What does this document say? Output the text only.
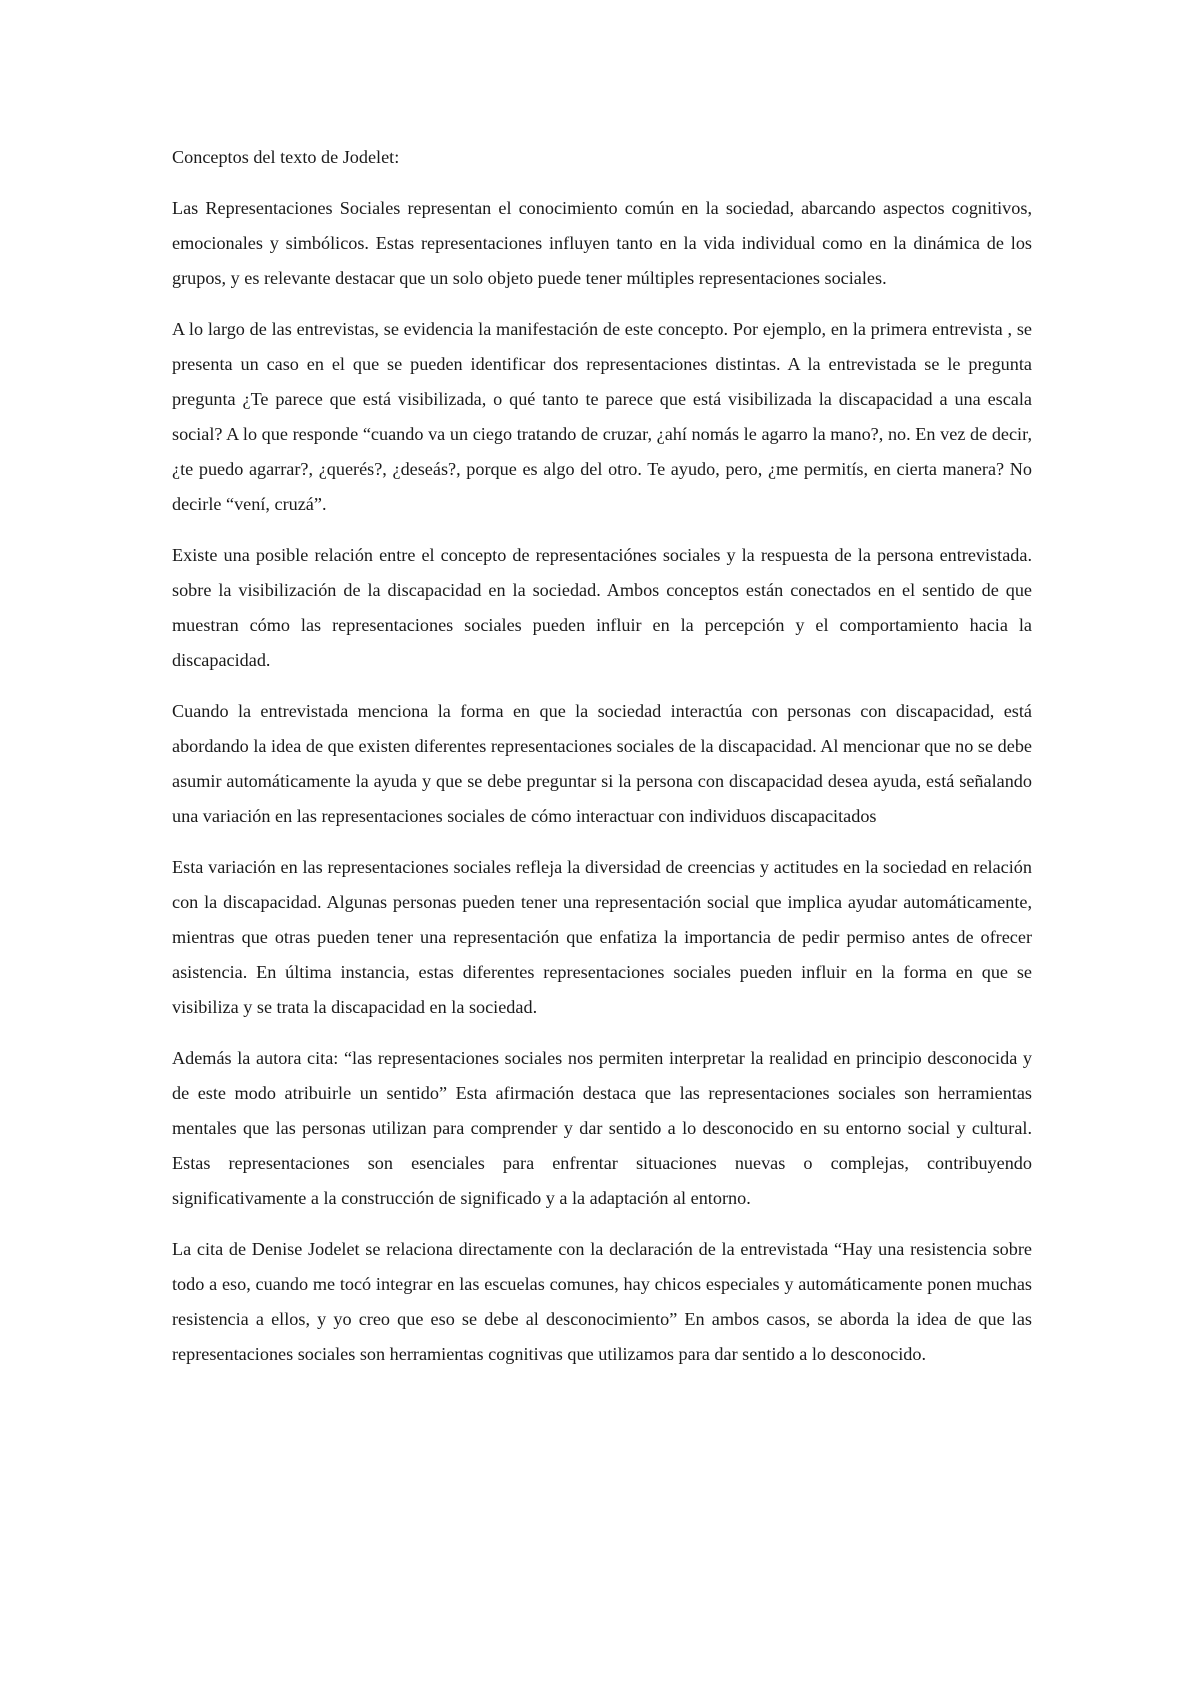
Conceptos del texto de Jodelet:

Las Representaciones Sociales representan el conocimiento común en la sociedad, abarcando aspectos cognitivos, emocionales y simbólicos. Estas representaciones influyen tanto en la vida individual como en la dinámica de los grupos, y es relevante destacar que un solo objeto puede tener múltiples representaciones sociales.

A lo largo de las entrevistas, se evidencia la manifestación de este concepto. Por ejemplo, en la primera entrevista , se presenta un caso en el que se pueden identificar dos representaciones distintas. A la entrevistada se le pregunta pregunta ¿Te parece que está visibilizada, o qué tanto te parece que está visibilizada la discapacidad a una escala social? A lo que responde “cuando va un ciego tratando de cruzar, ¿ahí nomás le agarro la mano?, no. En vez de decir, ¿te puedo agarrar?, ¿querés?, ¿deseás?, porque es algo del otro. Te ayudo, pero, ¿me permitís, en cierta manera? No decirle “vení, cruzá”.

Existe una posible relación entre el concepto de representaciónes sociales y la respuesta de la persona entrevistada. sobre la visibilización de la discapacidad en la sociedad. Ambos conceptos están conectados en el sentido de que muestran cómo las representaciones sociales pueden influir en la percepción y el comportamiento hacia la discapacidad.

Cuando la entrevistada menciona la forma en que la sociedad interactúa con personas con discapacidad, está abordando la idea de que existen diferentes representaciones sociales de la discapacidad. Al mencionar que no se debe asumir automáticamente la ayuda y que se debe preguntar si la persona con discapacidad desea ayuda, está señalando una variación en las representaciones sociales de cómo interactuar con individuos discapacitados

Esta variación en las representaciones sociales refleja la diversidad de creencias y actitudes en la sociedad en relación con la discapacidad. Algunas personas pueden tener una representación social que implica ayudar automáticamente, mientras que otras pueden tener una representación que enfatiza la importancia de pedir permiso antes de ofrecer asistencia. En última instancia, estas diferentes representaciones sociales pueden influir en la forma en que se visibiliza y se trata la discapacidad en la sociedad.

Además la autora cita: “las representaciones sociales nos permiten interpretar la realidad en principio desconocida y de este modo atribuirle un sentido” Esta afirmación destaca que las representaciones sociales son herramientas mentales que las personas utilizan para comprender y dar sentido a lo desconocido en su entorno social y cultural. Estas representaciones son esenciales para enfrentar situaciones nuevas o complejas, contribuyendo significativamente a la construcción de significado y a la adaptación al entorno.

La cita de Denise Jodelet se relaciona directamente con la declaración de la entrevistada “Hay una resistencia sobre todo a eso, cuando me tocó integrar en las escuelas comunes, hay chicos especiales y automáticamente ponen muchas resistencia a ellos, y yo creo que eso se debe al desconocimiento” En ambos casos, se aborda la idea de que las representaciones sociales son herramientas cognitivas que utilizamos para dar sentido a lo desconocido.
